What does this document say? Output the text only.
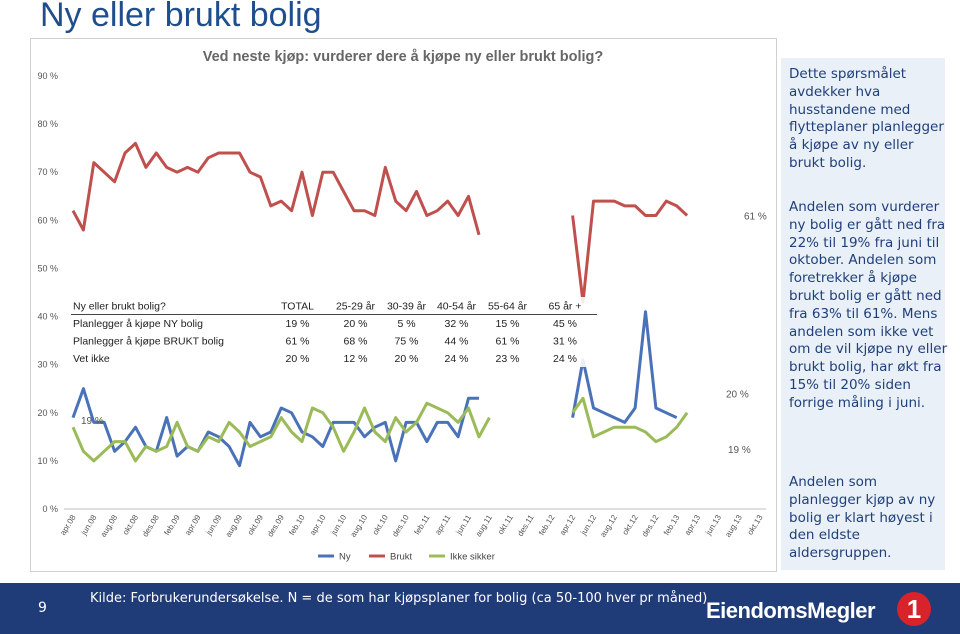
Ny eller brukt bolig
Ved neste kjøp: vurderer dere å kjøpe ny eller brukt bolig?
0 %
10 %
20 %
30 %
40 %
50 %
60 %
70 %
80 %
90 %
apr.08 jun.08 aug.08 okt.08 des.08 feb.09 apr.09 jun.09 aug.09 okt.09 des.09 feb.10 apr.10 jun.10 aug.10 okt.10 des.10 feb.11 apr.11 jun.11 aug.11 okt.11 des.11 feb.12 apr.12 jun.12 aug.12 okt.12 des.12 feb.13 apr.13 jun.13 aug.13 okt.13
61 %
20 %
19 %
19 %
Ny eller brukt bolig?	TOTAL 25-29 år 30-39 år 40-54 år 55-64 år 65 år +
Planlegger å kjøpe NY bolig	19 %	20 %	5 %	32 %	15 %	45 %
Planlegger å kjøpe BRUKT bolig	61 %	68 %	75 % 44 %	61 %	31 %
Vet ikke	20 %	12 %	20 % 24 %	23 %	24 %
Ny	Brukt	Ikke sikker
Dette spørsmålet avdekker hva husstandene med flytteplaner planlegger å kjøpe av ny eller brukt bolig.
Andelen som vurderer ny bolig er gått ned fra 22% til 19% fra juni til oktober. Andelen som foretrekker å kjøpe brukt bolig er gått ned fra 63% til 61%. Mens andelen som ikke vet om de vil kjøpe ny eller brukt bolig, har økt fra 15% til 20% siden forrige måling i juni.
Andelen som planlegger kjøp av ny bolig er klart høyest i den eldste aldersgruppen.
9
Kilde: Forbrukerundersøkelse. N = de som har kjøpsplaner for bolig (ca 50-100 hver pr måned)
EiendomsMegler	1
